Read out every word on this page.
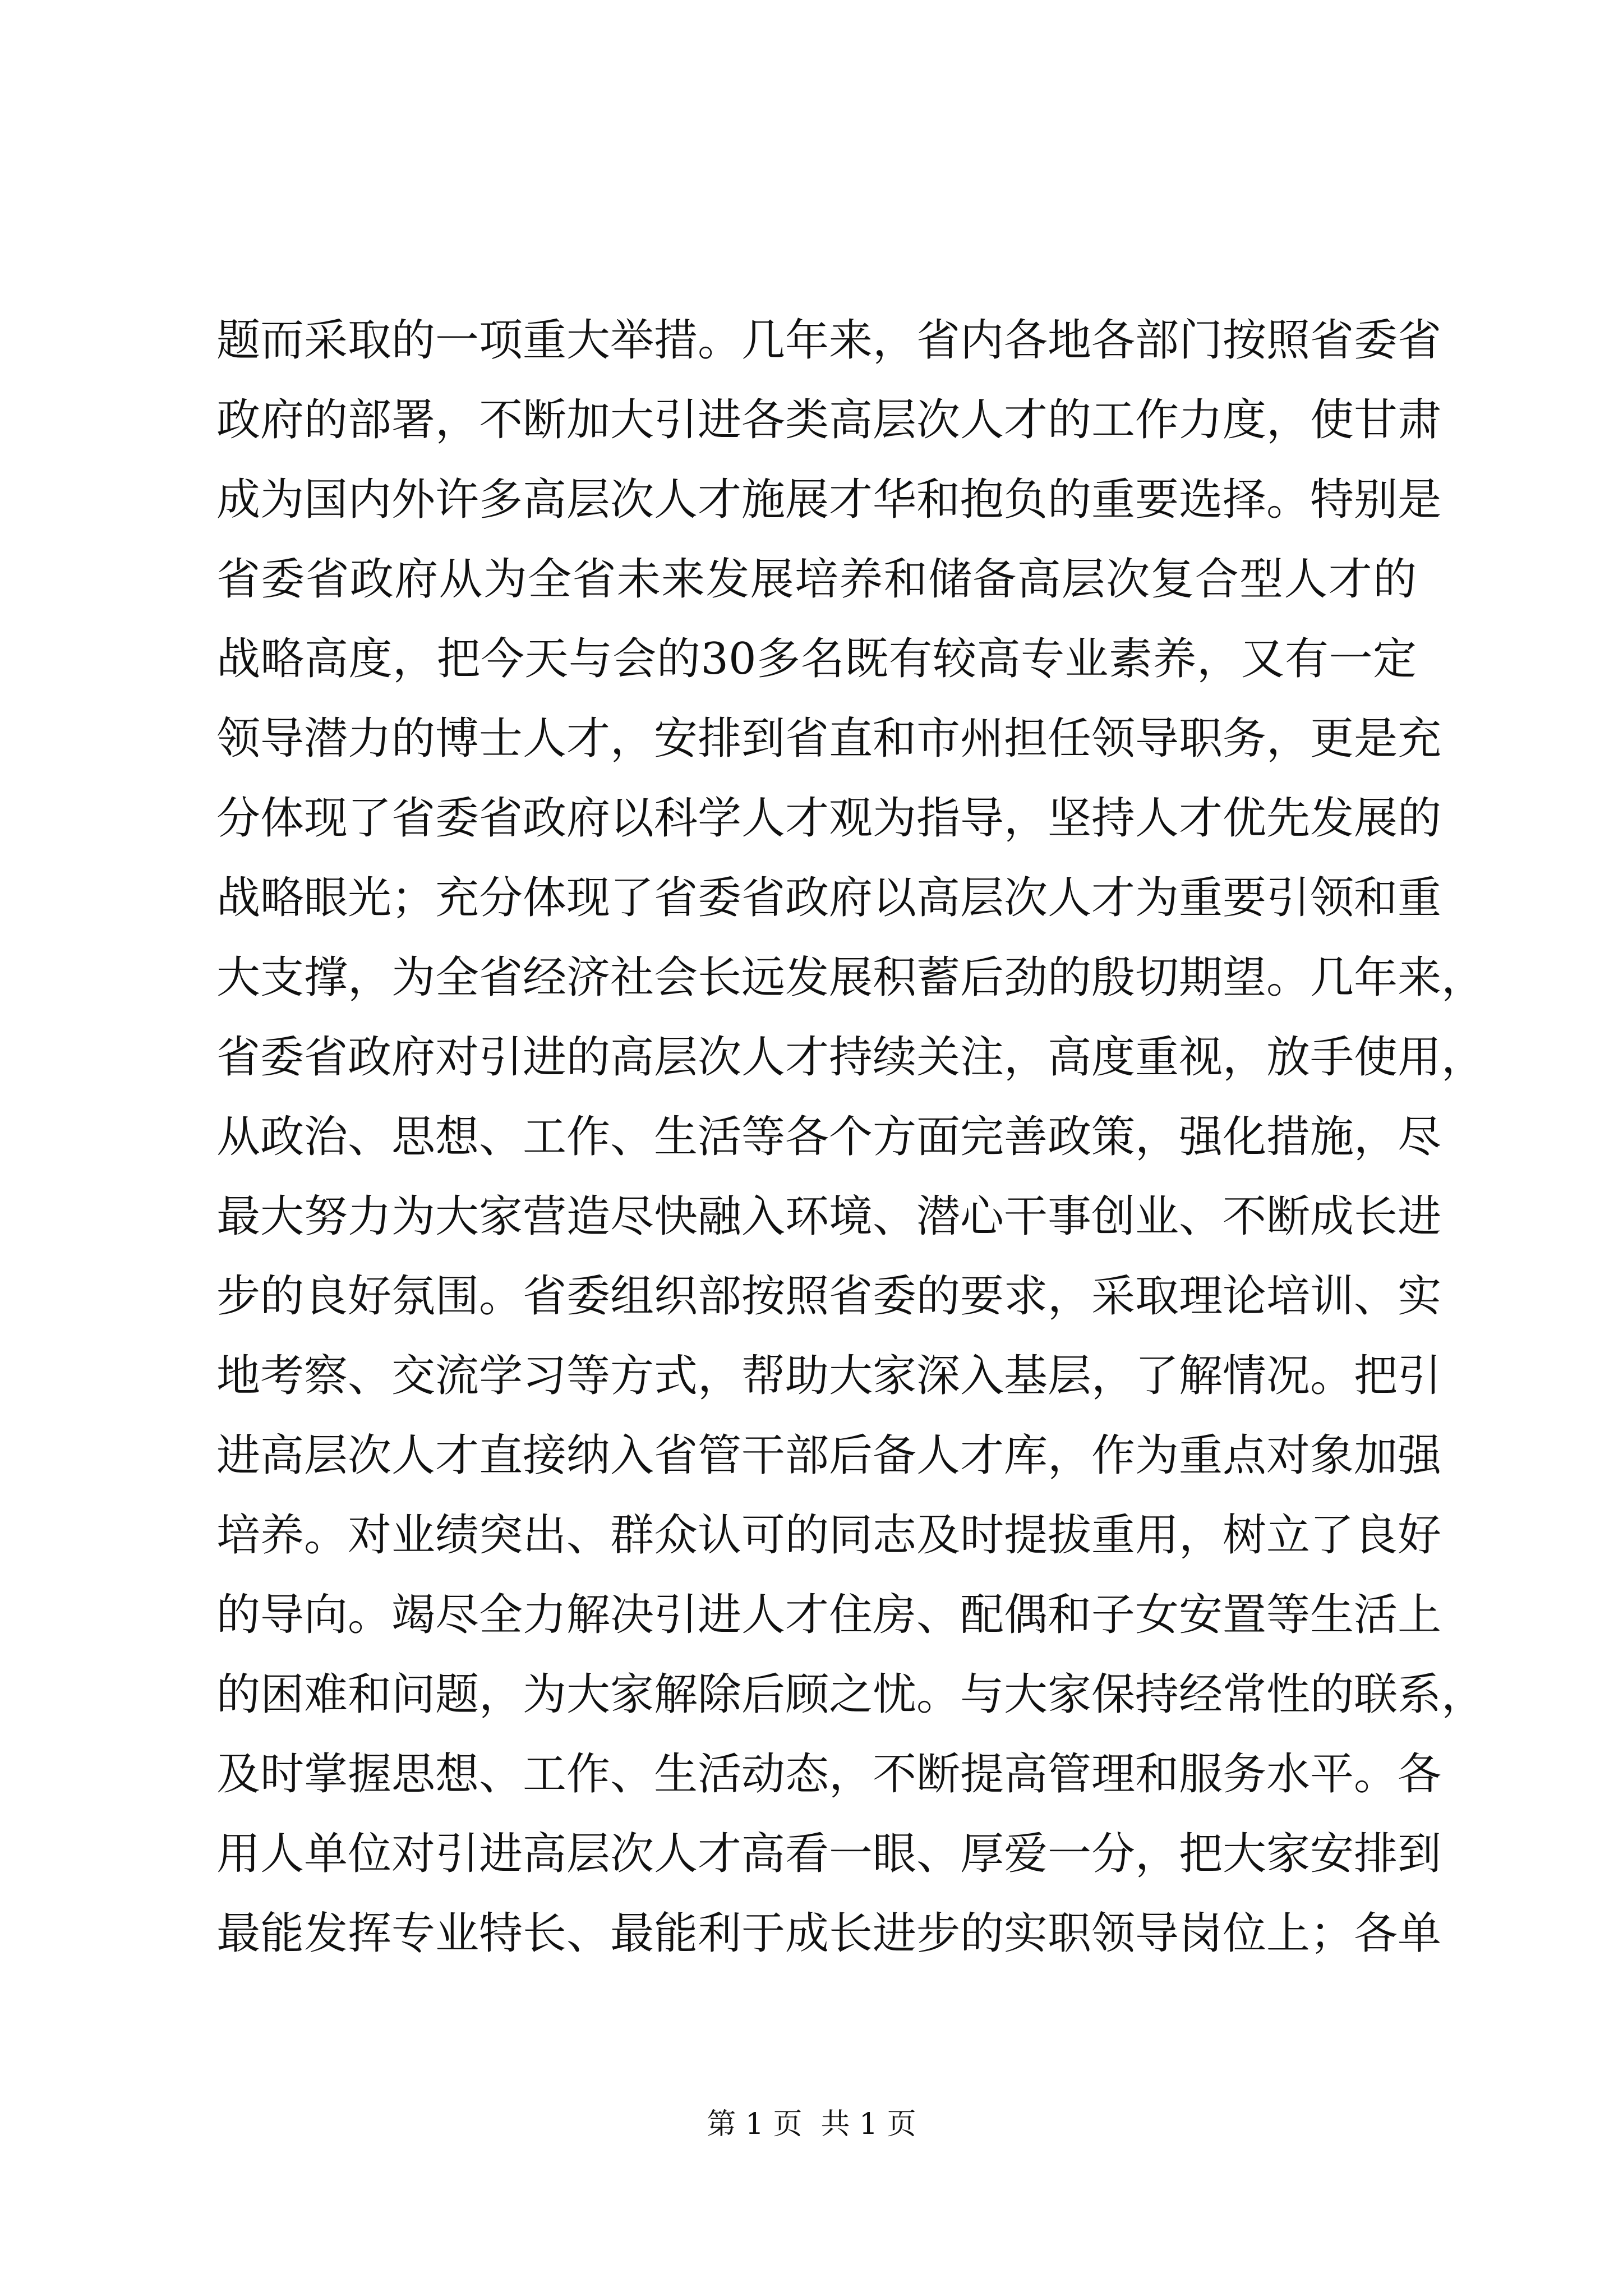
题而采取的一项重大举措。几年来，省内各地各部门按照省委省
政府的部署，不断加大引进各类高层次人才的工作力度，使甘肃
成为国内外许多高层次人才施展才华和抱负的重要选择。特别是
省委省政府从为全省未来发展培养和储备高层次复合型人才的
战略高度，把今天与会的30多名既有较高专业素养，又有一定
领导潜力的博士人才，安排到省直和市州担任领导职务，更是充
分体现了省委省政府以科学人才观为指导，坚持人才优先发展的
战略眼光；充分体现了省委省政府以高层次人才为重要引领和重
大支撑，为全省经济社会长远发展积蓄后劲的殷切期望。几年来，
省委省政府对引进的高层次人才持续关注，高度重视，放手使用，
从政治、思想、工作、生活等各个方面完善政策，强化措施，尽
最大努力为大家营造尽快融入环境、潜心干事创业、不断成长进
步的良好氛围。省委组织部按照省委的要求，采取理论培训、实
地考察、交流学习等方式，帮助大家深入基层，了解情况。把引
进高层次人才直接纳入省管干部后备人才库，作为重点对象加强
培养。对业绩突出、群众认可的同志及时提拔重用，树立了良好
的导向。竭尽全力解决引进人才住房、配偶和子女安置等生活上
的困难和问题，为大家解除后顾之忧。与大家保持经常性的联系，
及时掌握思想、工作、生活动态，不断提高管理和服务水平。各
用人单位对引进高层次人才高看一眼、厚爱一分，把大家安排到
最能发挥专业特长、最能利于成长进步的实职领导岗位上；各单
第 1 页  共 1 页
